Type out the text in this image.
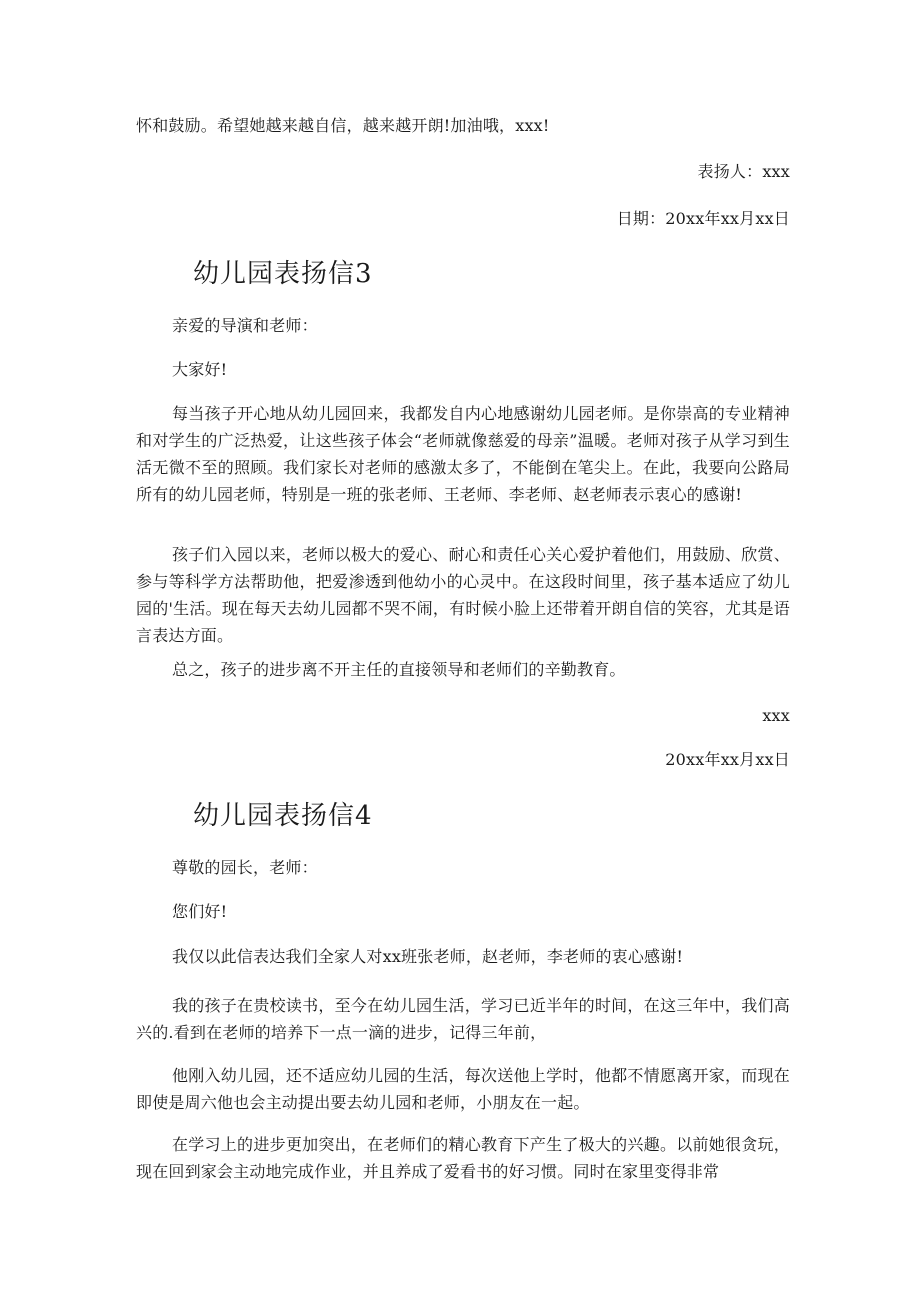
怀和鼓励。希望她越来越自信，越来越开朗!加油哦，xxx!

表扬人：xxx

日期：20xx年xx月xx日

幼儿园表扬信3

亲爱的导演和老师：

大家好!

每当孩子开心地从幼儿园回来，我都发自内心地感谢幼儿园老师。是你崇高的专业精神和对学生的广泛热爱，让这些孩子体会“老师就像慈爱的母亲”温暖。老师对孩子从学习到生活无微不至的照顾。我们家长对老师的感激太多了，不能倒在笔尖上。在此，我要向公路局所有的幼儿园老师，特别是一班的张老师、王老师、李老师、赵老师表示衷心的感谢!

孩子们入园以来，老师以极大的爱心、耐心和责任心关心爱护着他们，用鼓励、欣赏、参与等科学方法帮助他，把爱渗透到他幼小的心灵中。在这段时间里，孩子基本适应了幼儿园的'生活。现在每天去幼儿园都不哭不闹，有时候小脸上还带着开朗自信的笑容，尤其是语言表达方面。

总之，孩子的进步离不开主任的直接领导和老师们的辛勤教育。

xxx

20xx年xx月xx日

幼儿园表扬信4

尊敬的园长，老师：

您们好!

我仅以此信表达我们全家人对xx班张老师，赵老师，李老师的衷心感谢!

我的孩子在贵校读书，至今在幼儿园生活，学习已近半年的时间，在这三年中，我们高兴的.看到在老师的培养下一点一滴的进步，记得三年前，

他刚入幼儿园，还不适应幼儿园的生活，每次送他上学时，他都不情愿离开家，而现在即使是周六他也会主动提出要去幼儿园和老师，小朋友在一起。

在学习上的进步更加突出，在老师们的精心教育下产生了极大的兴趣。以前她很贪玩，现在回到家会主动地完成作业，并且养成了爱看书的好习惯。同时在家里变得非常
